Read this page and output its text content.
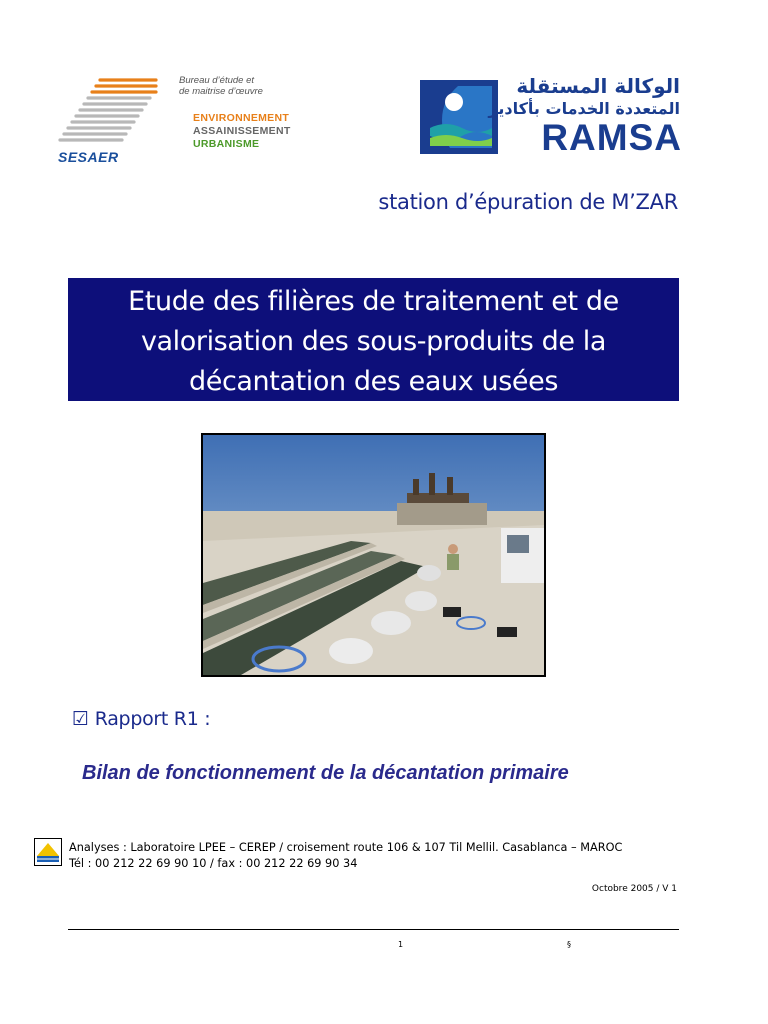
SESAER
Bureau d’étude et
de maitrise d’œuvre
ENVIRONNEMENT
ASSAINISSEMENT
URBANISME
الوكالة المستقلة
المتعددة الخدمات بأكادير
RAMSA
station d’épuration de M’ZAR
Etude des filières de traitement et de
valorisation des sous-produits de la
décantation des eaux usées
☑ Rapport R1 :
Bilan de fonctionnement de la décantation primaire
Analyses : Laboratoire LPEE – CEREP / croisement route 106 & 107 Til Mellil. Casablanca – MAROC
Tél : 00 212 22 69 90 10 / fax : 00 212 22 69 90 34
Octobre 2005 / V 1
1	§
